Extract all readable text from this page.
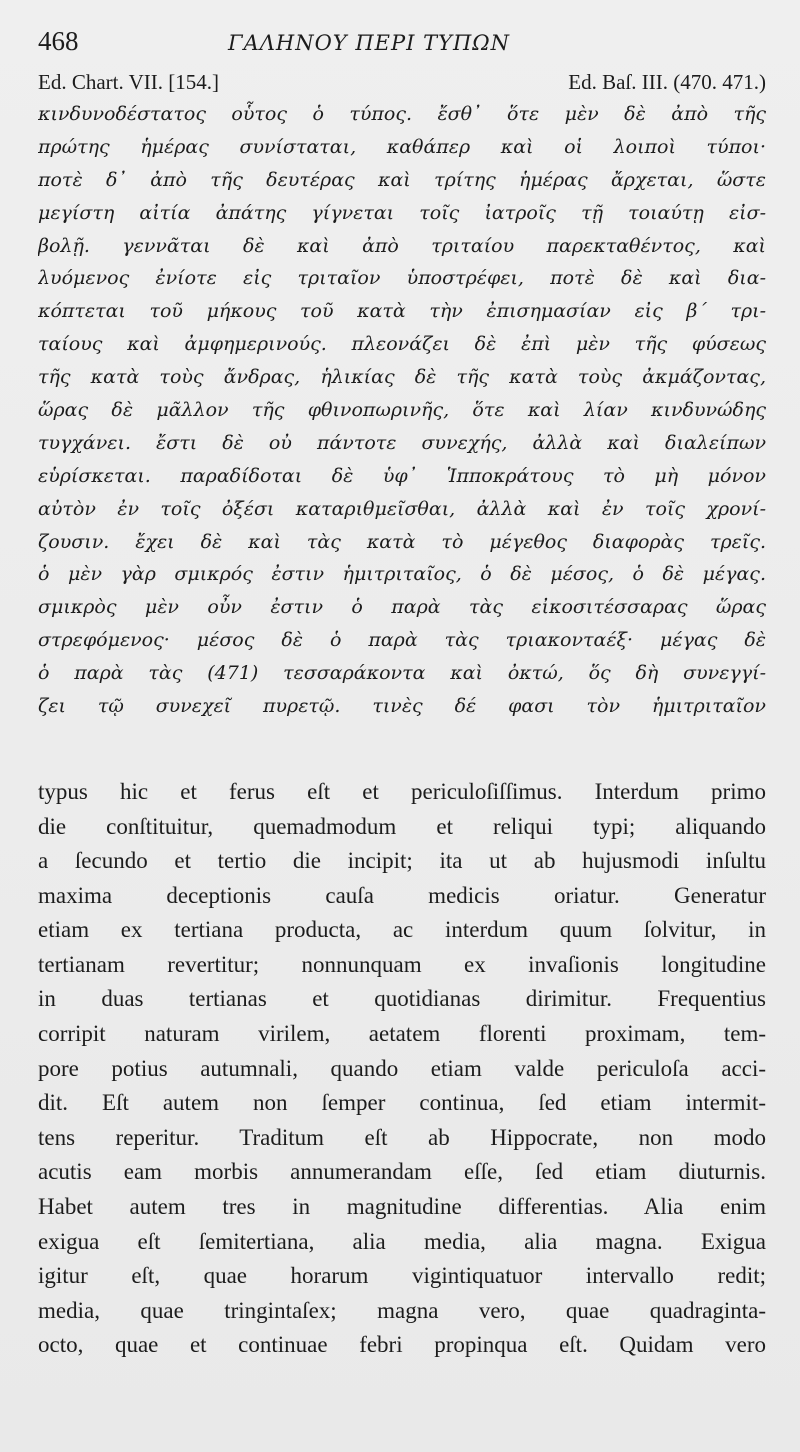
468	ΓΑΛΗΝΟΥ ΠΕΡΙ ΤΥΠΩΝ
Ed. Chart. VII. [154.]	Ed. Baſ. III. (470. 471.)
κινδυνοδέστατος οὗτος ὁ τύπος. ἔσθ᾽ ὅτε μὲν δὲ ἀπὸ τῆς
πρώτης ἡμέρας συνίσταται, καθάπερ καὶ οἱ λοιποὶ τύποι·
ποτὲ δ᾽ ἀπὸ τῆς δευτέρας καὶ τρίτης ἡμέρας ἄρχεται, ὥστε
μεγίστη αἰτία ἀπάτης γίγνεται τοῖς ἰατροῖς τῇ τοιαύτῃ εἰσ-
βολῇ. γεννᾶται δὲ καὶ ἀπὸ τριταίου παρεκταθέντος, καὶ
λυόμενος ἐνίοτε εἰς τριταῖον ὑποστρέφει, ποτὲ δὲ καὶ δια-
κόπτεται τοῦ μήκους τοῦ κατὰ τὴν ἐπισημασίαν εἰς β΄ τρι-
ταίους καὶ ἀμφημερινούς. πλεονάζει δὲ ἐπὶ μὲν τῆς φύσεως
τῆς κατὰ τοὺς ἄνδρας, ἡλικίας δὲ τῆς κατὰ τοὺς ἀκμάζοντας,
ὥρας δὲ μᾶλλον τῆς φθινοπωρινῆς, ὅτε καὶ λίαν κινδυνώδης
τυγχάνει. ἔστι δὲ οὐ πάντοτε συνεχής, ἀλλὰ καὶ διαλείπων
εὑρίσκεται. παραδίδοται δὲ ὑφ᾽ Ἱπποκράτους τὸ μὴ μόνον
αὐτὸν ἐν τοῖς ὀξέσι καταριθμεῖσθαι, ἀλλὰ καὶ ἐν τοῖς χρονί-
ζουσιν. ἔχει δὲ καὶ τὰς κατὰ τὸ μέγεθος διαφορὰς τρεῖς.
ὁ μὲν γὰρ σμικρός ἐστιν ἡμιτριταῖος, ὁ δὲ μέσος, ὁ δὲ μέγας.
σμικρὸς μὲν οὖν ἐστιν ὁ παρὰ τὰς εἰκοσιτέσσαρας ὥρας
στρεφόμενος· μέσος δὲ ὁ παρὰ τὰς τριακονταέξ· μέγας δὲ
ὁ παρὰ τὰς (471) τεσσαράκοντα καὶ ὀκτώ, ὅς δὴ συνεγγί-
ζει τῷ συνεχεῖ πυρετῷ. τινὲς δέ φασι τὸν ἡμιτριταῖον
typus hic et ferus eſt et periculoſiſſimus. Interdum primo
die conſtituitur, quemadmodum et reliqui typi; aliquando
a ſecundo et tertio die incipit; ita ut ab hujusmodi inſultu
maxima deceptionis cauſa medicis oriatur. Generatur
etiam ex tertiana producta, ac interdum quum ſolvitur, in
tertianam revertitur; nonnunquam ex invaſionis longitudine
in duas tertianas et quotidianas dirimitur. Frequentius
corripit naturam virilem, aetatem florenti proximam, tem-
pore potius autumnali, quando etiam valde periculoſa acci-
dit. Eſt autem non ſemper continua, ſed etiam intermit-
tens reperitur. Traditum eſt ab Hippocrate, non modo
acutis eam morbis annumerandam eſſe, ſed etiam diuturnis.
Habet autem tres in magnitudine differentias. Alia enim
exigua eſt ſemitertiana, alia media, alia magna. Exigua
igitur eſt, quae horarum vigintiquatuor intervallo redit;
media, quae tringintaſex; magna vero, quae quadraginta-
octo, quae et continuae febri propinqua eſt. Quidam vero
